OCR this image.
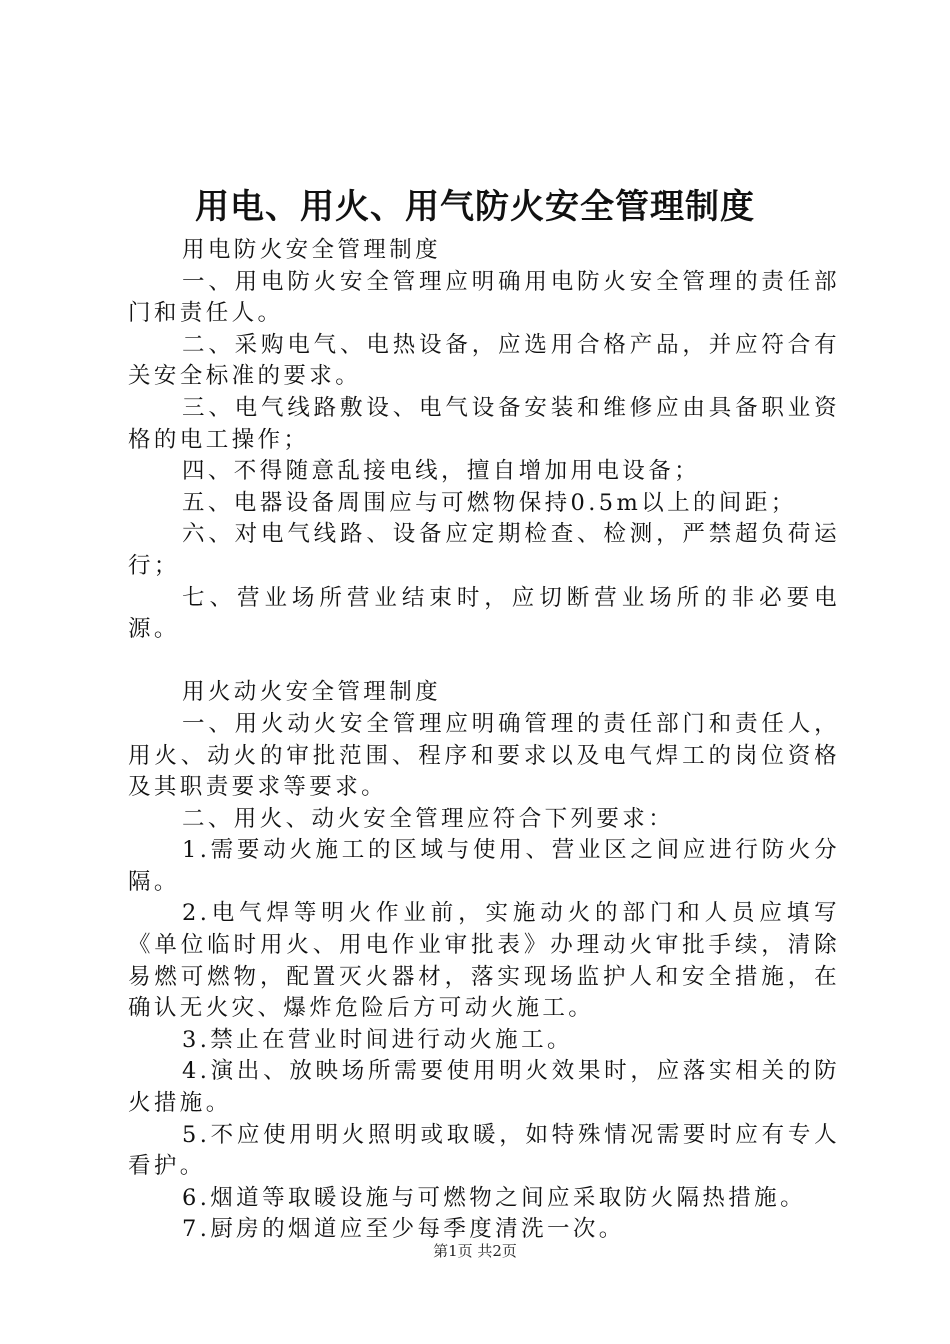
用电、用火、用气防火安全管理制度

用电防火安全管理制度

一、用电防火安全管理应明确用电防火安全管理的责任部门和责任人。

二、采购电气、电热设备，应选用合格产品，并应符合有关安全标准的要求。

三、电气线路敷设、电气设备安装和维修应由具备职业资格的电工操作；

四、不得随意乱接电线，擅自增加用电设备；

五、电器设备周围应与可燃物保持0.5m以上的间距；

六、对电气线路、设备应定期检查、检测，严禁超负荷运行；

七、营业场所营业结束时，应切断营业场所的非必要电源。

用火动火安全管理制度

一、用火动火安全管理应明确管理的责任部门和责任人，用火、动火的审批范围、程序和要求以及电气焊工的岗位资格及其职责要求等要求。

二、用火、动火安全管理应符合下列要求：

1.需要动火施工的区域与使用、营业区之间应进行防火分隔。

2.电气焊等明火作业前，实施动火的部门和人员应填写《单位临时用火、用电作业审批表》办理动火审批手续，清除易燃可燃物，配置灭火器材，落实现场监护人和安全措施，在确认无火灾、爆炸危险后方可动火施工。

3.禁止在营业时间进行动火施工。

4.演出、放映场所需要使用明火效果时，应落实相关的防火措施。

5.不应使用明火照明或取暖，如特殊情况需要时应有专人看护。

6.烟道等取暖设施与可燃物之间应采取防火隔热措施。

7.厨房的烟道应至少每季度清洗一次。

第1页 共2页
